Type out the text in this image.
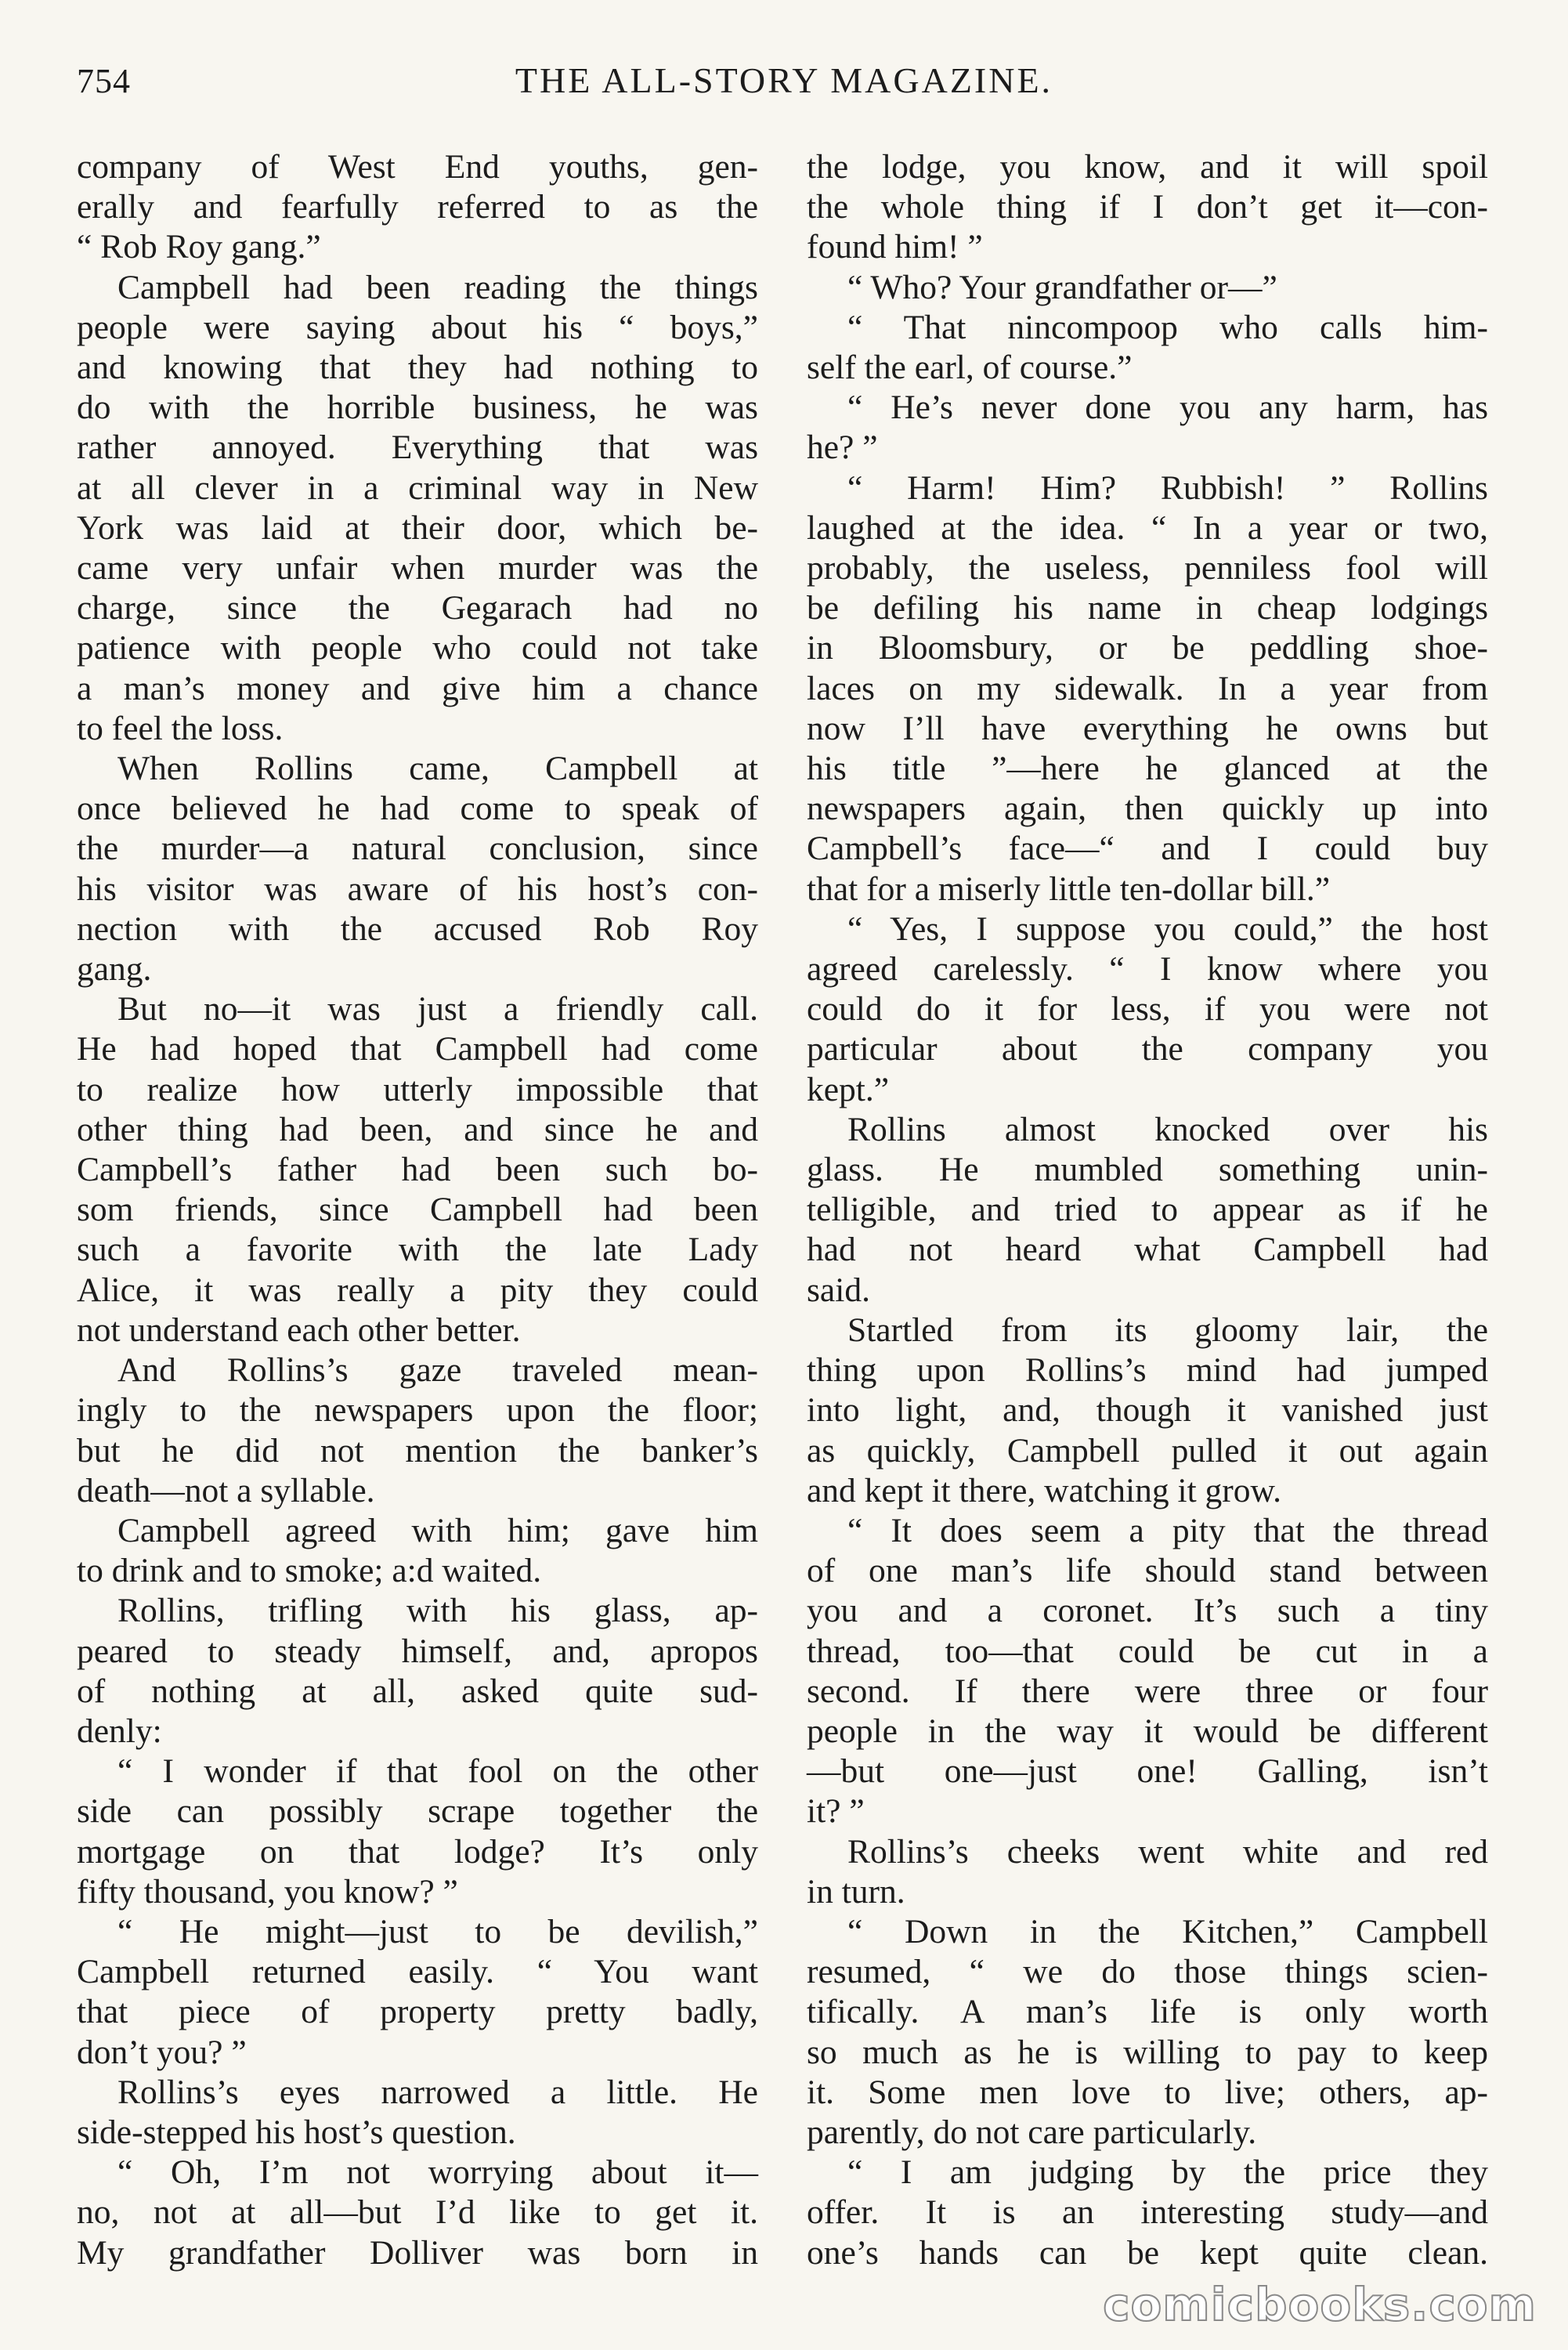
754	THE ALL-STORY MAGAZINE.
company of West End youths, gen-
erally and fearfully referred to as the
“ Rob Roy gang.”
Campbell had been reading the things
people were saying about his “ boys,”
and knowing that they had nothing to
do with the horrible business, he was
rather annoyed. Everything that was
at all clever in a criminal way in New
York was laid at their door, which be-
came very unfair when murder was the
charge, since the Gegarach had no
patience with people who could not take
a man’s money and give him a chance
to feel the loss.
When Rollins came, Campbell at
once believed he had come to speak of
the murder—a natural conclusion, since
his visitor was aware of his host’s con-
nection with the accused Rob Roy
gang.
But no—it was just a friendly call.
He had hoped that Campbell had come
to realize how utterly impossible that
other thing had been, and since he and
Campbell’s father had been such bo-
som friends, since Campbell had been
such a favorite with the late Lady
Alice, it was really a pity they could
not understand each other better.
And Rollins’s gaze traveled mean-
ingly to the newspapers upon the floor;
but he did not mention the banker’s
death—not a syllable.
Campbell agreed with him; gave him
to drink and to smoke; a:d waited.
Rollins, trifling with his glass, ap-
peared to steady himself, and, apropos
of nothing at all, asked quite sud-
denly:
“ I wonder if that fool on the other
side can possibly scrape together the
mortgage on that lodge? It’s only
fifty thousand, you know? ”
“ He might—just to be devilish,”
Campbell returned easily. “ You want
that piece of property pretty badly,
don’t you? ”
Rollins’s eyes narrowed a little. He
side-stepped his host’s question.
“ Oh, I’m not worrying about it—
no, not at all—but I’d like to get it.
My grandfather Dolliver was born in
the lodge, you know, and it will spoil
the whole thing if I don’t get it—con-
found him! ”
“ Who? Your grandfather or—”
“ That nincompoop who calls him-
self the earl, of course.”
“ He’s never done you any harm, has
he? ”
“ Harm! Him? Rubbish! ” Rollins
laughed at the idea. “ In a year or two,
probably, the useless, penniless fool will
be defiling his name in cheap lodgings
in Bloomsbury, or be peddling shoe-
laces on my sidewalk. In a year from
now I’ll have everything he owns but
his title ”—here he glanced at the
newspapers again, then quickly up into
Campbell’s face—“ and I could buy
that for a miserly little ten-dollar bill.”
“ Yes, I suppose you could,” the host
agreed carelessly. “ I know where you
could do it for less, if you were not
particular about the company you
kept.”
Rollins almost knocked over his
glass. He mumbled something unin-
telligible, and tried to appear as if he
had not heard what Campbell had
said.
Startled from its gloomy lair, the
thing upon Rollins’s mind had jumped
into light, and, though it vanished just
as quickly, Campbell pulled it out again
and kept it there, watching it grow.
“ It does seem a pity that the thread
of one man’s life should stand between
you and a coronet. It’s such a tiny
thread, too—that could be cut in a
second. If there were three or four
people in the way it would be different
—but one—just one! Galling, isn’t
it? ”
Rollins’s cheeks went white and red
in turn.
“ Down in the Kitchen,” Campbell
resumed, “ we do those things scien-
tifically. A man’s life is only worth
so much as he is willing to pay to keep
it. Some men love to live; others, ap-
parently, do not care particularly.
“ I am judging by the price they
offer. It is an interesting study—and
one’s hands can be kept quite clean.
comicbooks.com
